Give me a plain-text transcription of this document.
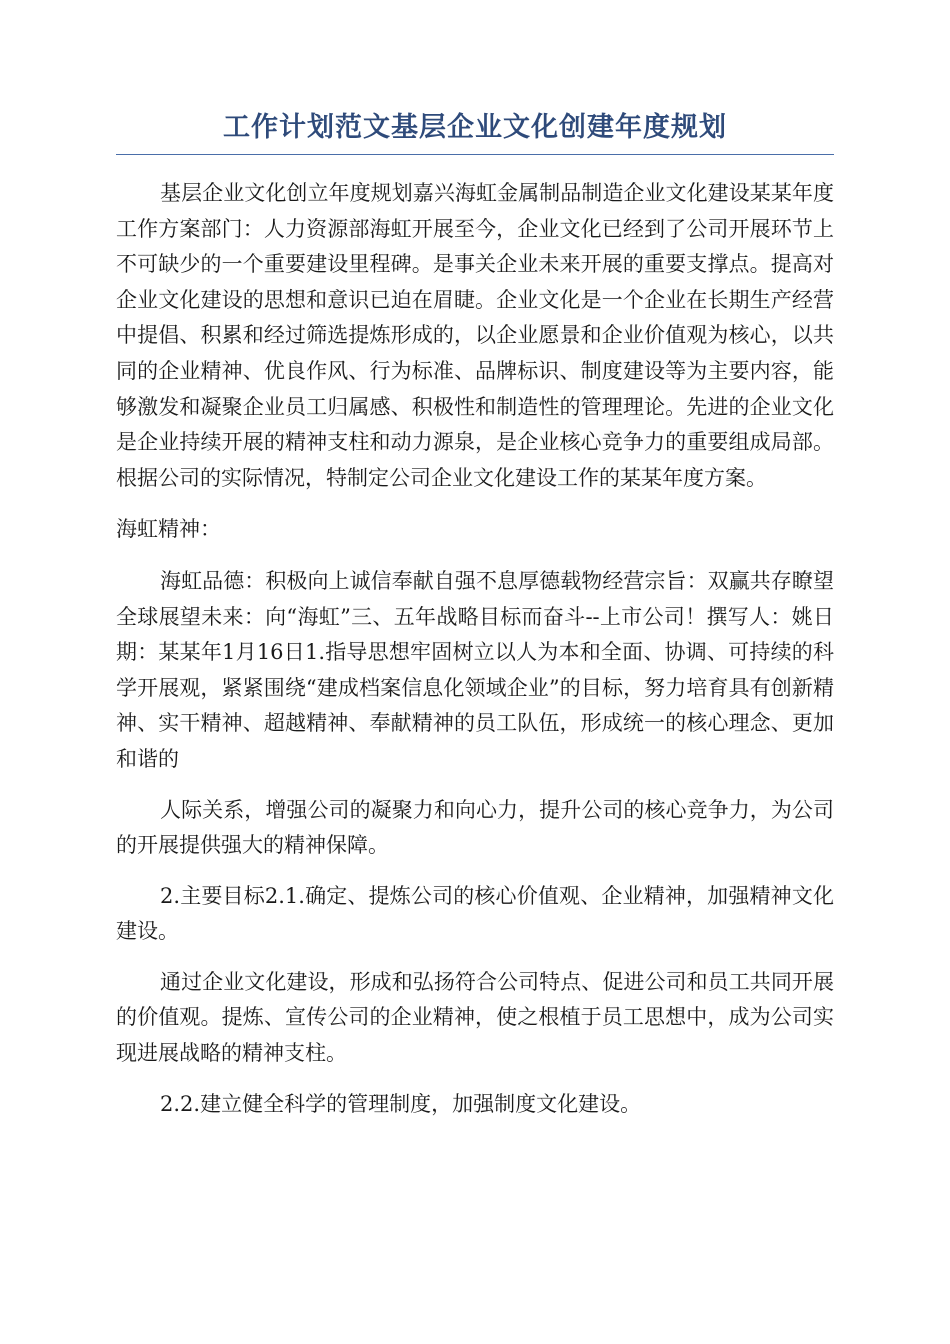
工作计划范文基层企业文化创建年度规划

基层企业文化创立年度规划嘉兴海虹金属制品制造企业文化建设某某年度工作方案部门：人力资源部海虹开展至今，企业文化已经到了公司开展环节上不可缺少的一个重要建设里程碑。是事关企业未来开展的重要支撑点。提高对企业文化建设的思想和意识已迫在眉睫。企业文化是一个企业在长期生产经营中提倡、积累和经过筛选提炼形成的，以企业愿景和企业价值观为核心，以共同的企业精神、优良作风、行为标准、品牌标识、制度建设等为主要内容，能够激发和凝聚企业员工归属感、积极性和制造性的管理理论。先进的企业文化是企业持续开展的精神支柱和动力源泉，是企业核心竞争力的重要组成局部。根据公司的实际情况，特制定公司企业文化建设工作的某某年度方案。

海虹精神：

海虹品德：积极向上诚信奉献自强不息厚德载物经营宗旨：双赢共存瞭望全球展望未来：向“海虹”三、五年战略目标而奋斗--上市公司！撰写人：姚日期：某某年1月16日1.指导思想牢固树立以人为本和全面、协调、可持续的科学开展观，紧紧围绕“建成档案信息化领域企业”的目标，努力培育具有创新精神、实干精神、超越精神、奉献精神的员工队伍，形成统一的核心理念、更加和谐的

人际关系，增强公司的凝聚力和向心力，提升公司的核心竞争力，为公司的开展提供强大的精神保障。

2.主要目标2.1.确定、提炼公司的核心价值观、企业精神，加强精神文化建设。

通过企业文化建设，形成和弘扬符合公司特点、促进公司和员工共同开展的价值观。提炼、宣传公司的企业精神，使之根植于员工思想中，成为公司实现进展战略的精神支柱。

2.2.建立健全科学的管理制度，加强制度文化建设。
